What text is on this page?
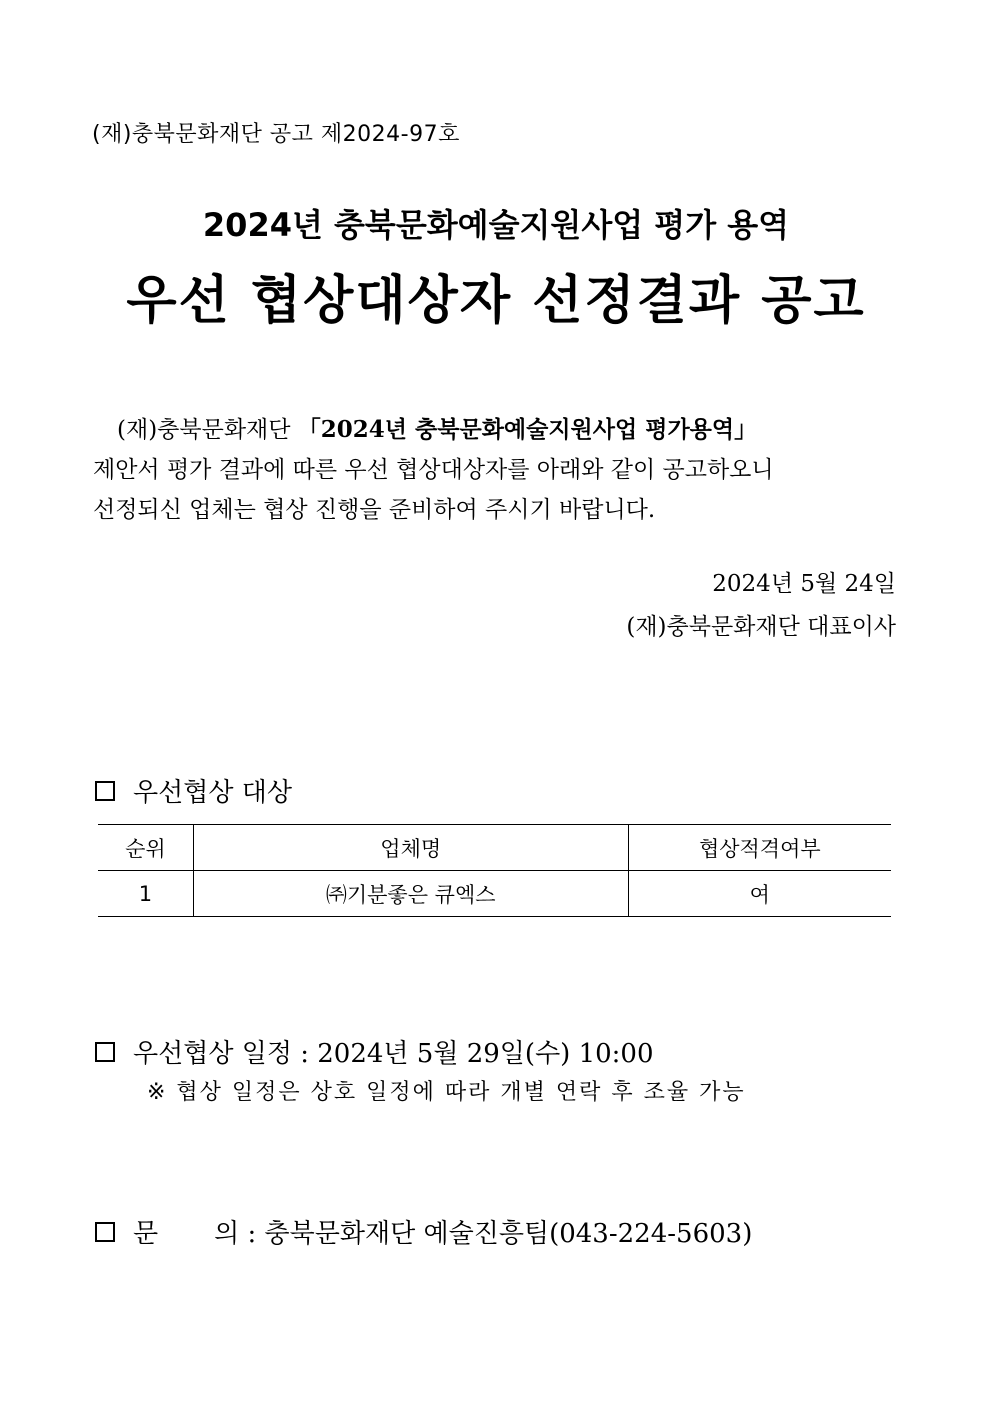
(재)충북문화재단 공고 제2024-97호
2024년 충북문화예술지원사업 평가 용역
우선 협상대상자 선정결과 공고
(재)충북문화재단 「2024년 충북문화예술지원사업 평가용역」
제안서 평가 결과에 따른 우선 협상대상자를 아래와 같이 공고하오니
선정되신 업체는 협상 진행을 준비하여 주시기 바랍니다.
2024년 5월 24일
(재)충북문화재단 대표이사
우선협상 대상
순위	업체명	협상적격여부
1	㈜기분좋은 큐엑스	여
우선협상 일정 : 2024년 5월 29일(수) 10:00
※ 협상 일정은 상호 일정에 따라 개별 연락 후 조율 가능
문 의 : 충북문화재단 예술진흥팀(043-224-5603)
